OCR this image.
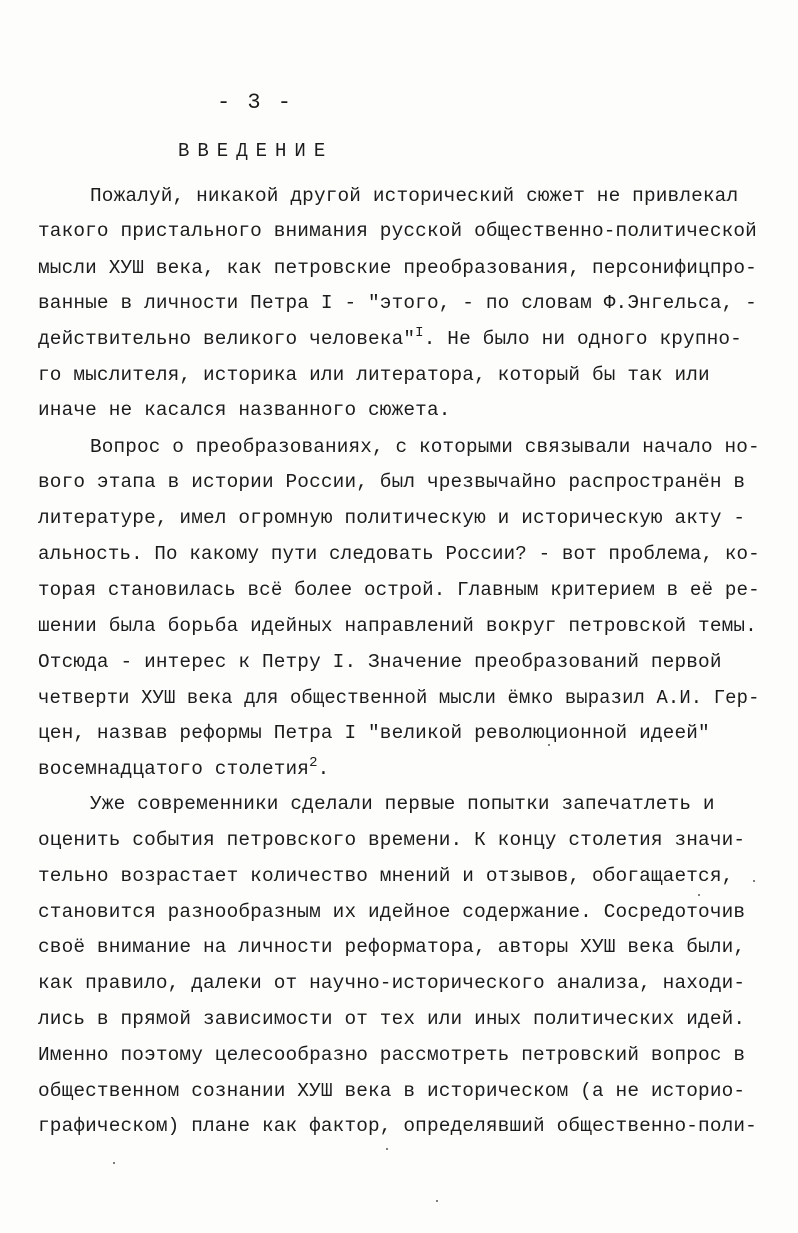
- 3 -
ВВЕДЕНИЕ
Пожалуй, никакой другой исторический сюжет не привлекал
такого пристального внимания русской общественно-политической
мысли ХУШ века, как петровские преобразования, персонифицпро-
ванные в личности Петра I - "этого, - по словам Ф.Энгельса, -
действительно великого человека"$^I$. Не было ни одного крупно-
го мыслителя, историка или литератора, который бы так или
иначе не касался названного сюжета.
Вопрос о преобразованиях, с которыми связывали начало но-
вого этапа в истории России, был чрезвычайно распространён в
литературе, имел огромную политическую и историческую акту -
альность. По какому пути следовать России? - вот проблема, ко-
торая становилась всё более острой. Главным критерием в её ре-
шении была борьба идейных направлений вокруг петровской темы.
Отсюда - интерес к Петру I. Значение преобразований первой
четверти ХУШ века для общественной мысли ёмко выразил А.И. Гер-
цен, назвав реформы Петра I "великой революционной идеей"
восемнадцатого столетия$^2$.
Уже современники сделали первые попытки запечатлеть и
оценить события петровского времени. К концу столетия значи-
тельно возрастает количество мнений и отзывов, обогащается,
становится разнообразным их идейное содержание. Сосредоточив
своё внимание на личности реформатора, авторы ХУШ века были,
как правило, далеки от научно-исторического анализа, находи-
лись в прямой зависимости от тех или иных политических идей.
Именно поэтому целесообразно рассмотреть петровский вопрос в
общественном сознании ХУШ века в историческом (а не историо-
графическом) плане как фактор, определявший общественно-поли-
